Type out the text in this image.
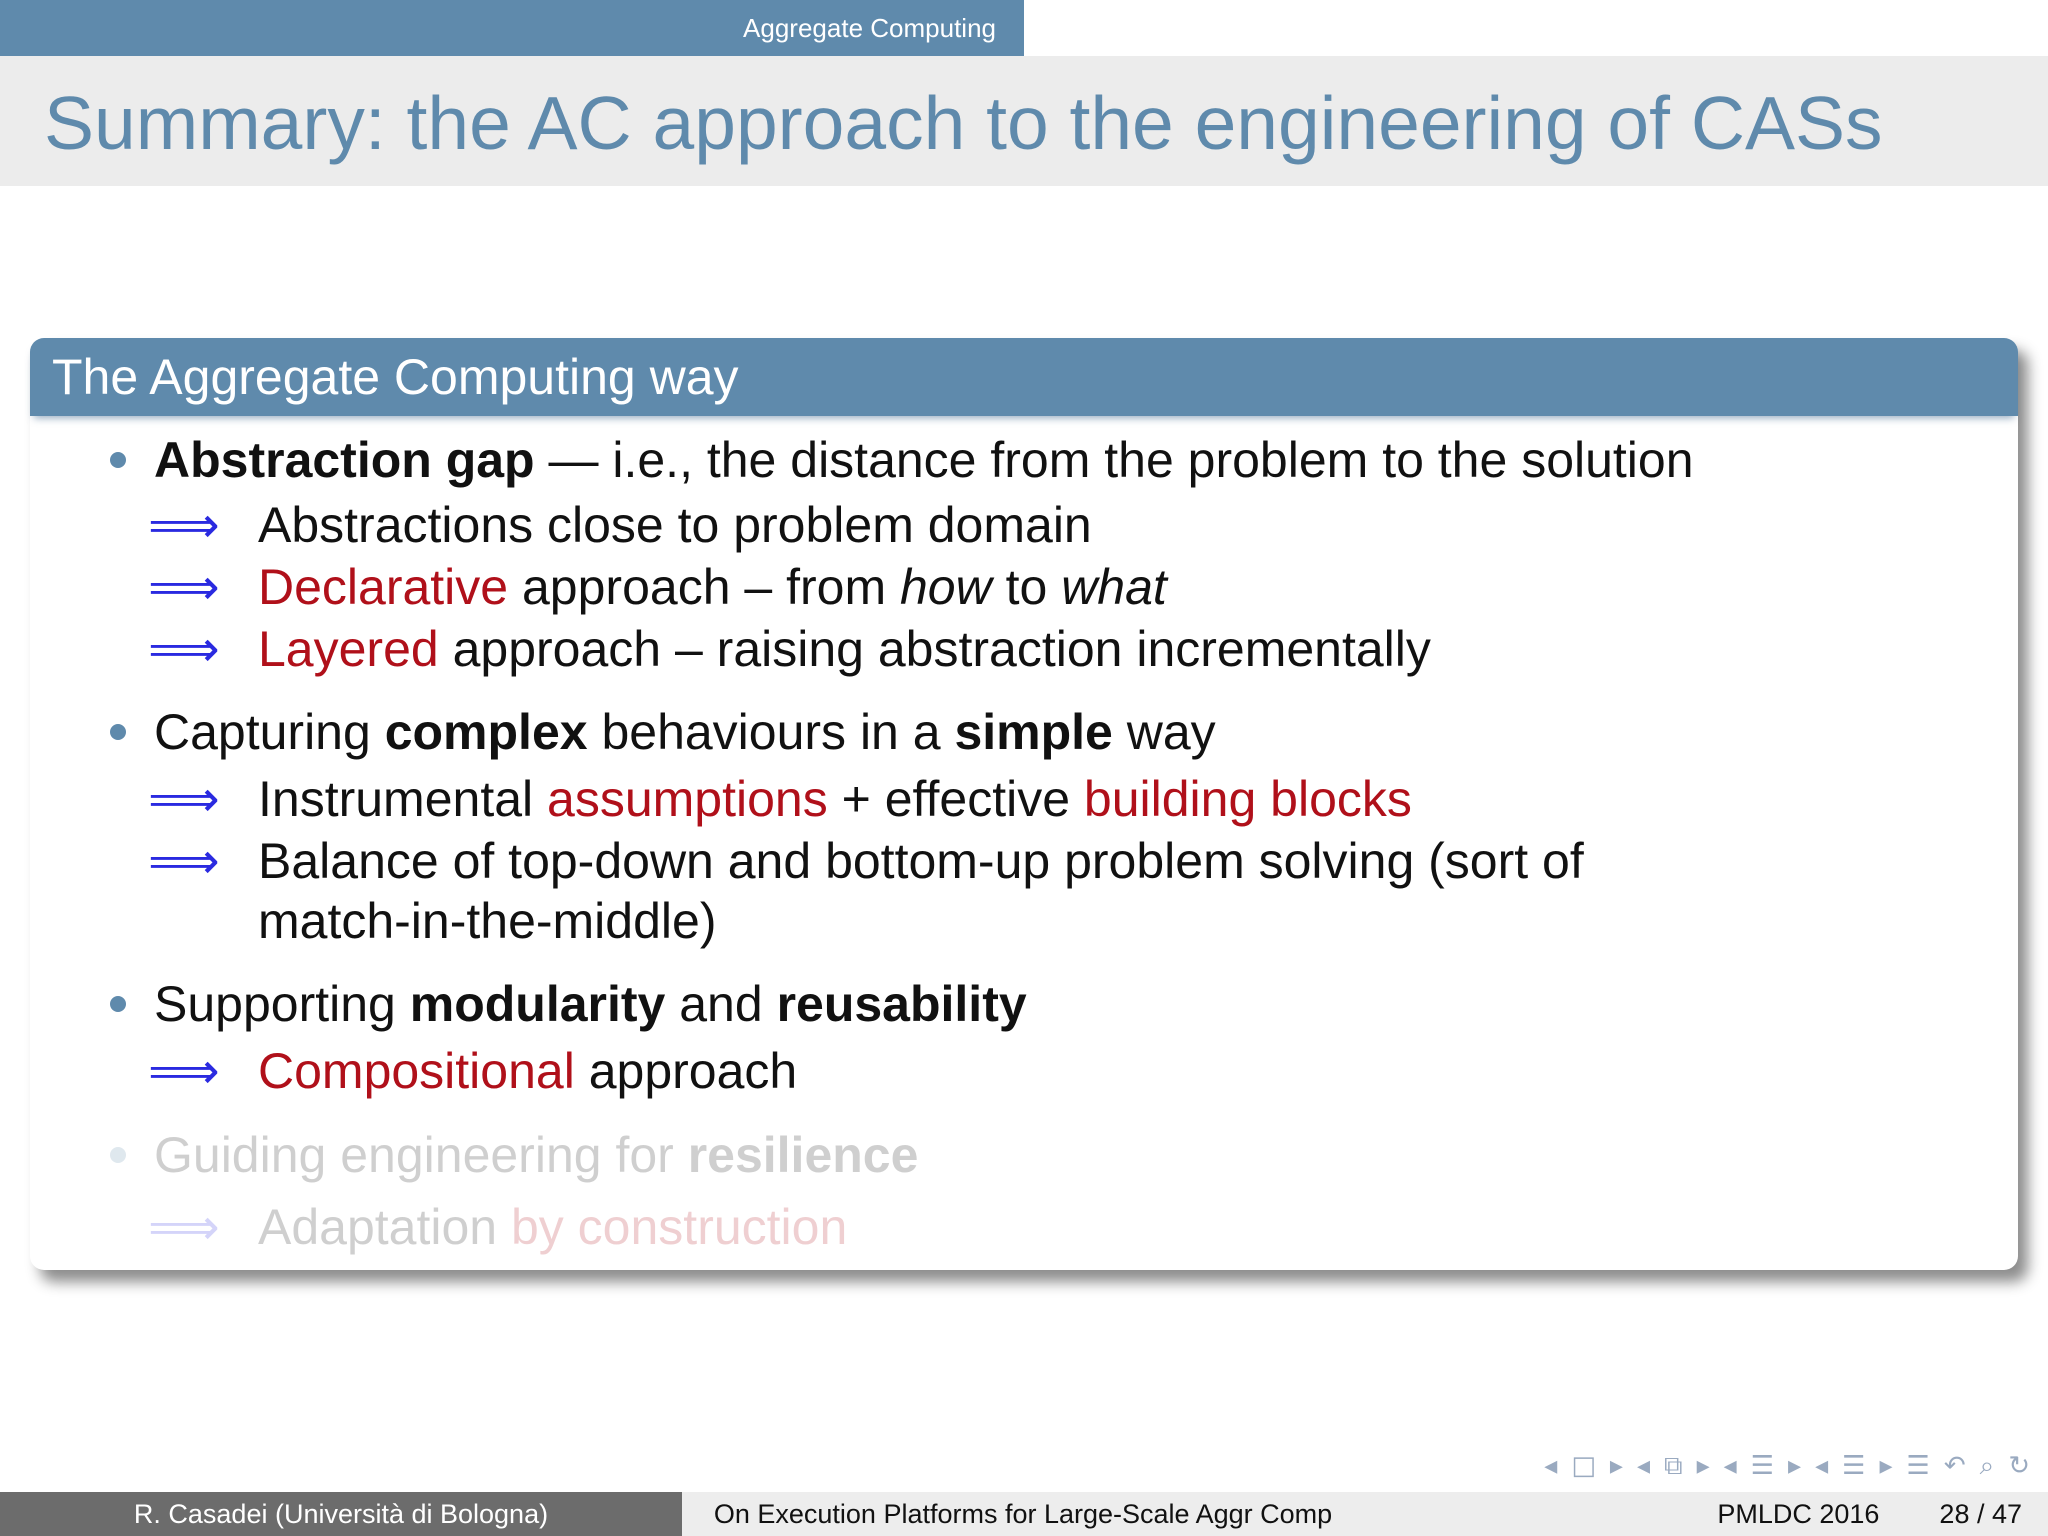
Aggregate Computing
Summary: the AC approach to the engineering of CASs
The Aggregate Computing way
Abstraction gap — i.e., the distance from the problem to the solution
⟹ Abstractions close to problem domain
⟹ Declarative approach – from how to what
⟹ Layered approach – raising abstraction incrementally
Capturing complex behaviours in a simple way
⟹ Instrumental assumptions + effective building blocks
⟹ Balance of top-down and bottom-up problem solving (sort of
match-in-the-middle)
Supporting modularity and reusability
⟹ Compositional approach
Guiding engineering for resilience
⟹ Adaptation by construction
◂ □ ▸ ◂ ⧉ ▸ ◂ ☰ ▸ ◂ ☰ ▸ ☰ ↶ ⌕ ↻
R. Casadei (Università di Bologna)	On Execution Platforms for Large-Scale Aggr Comp	PMLDC 2016 28 / 47
